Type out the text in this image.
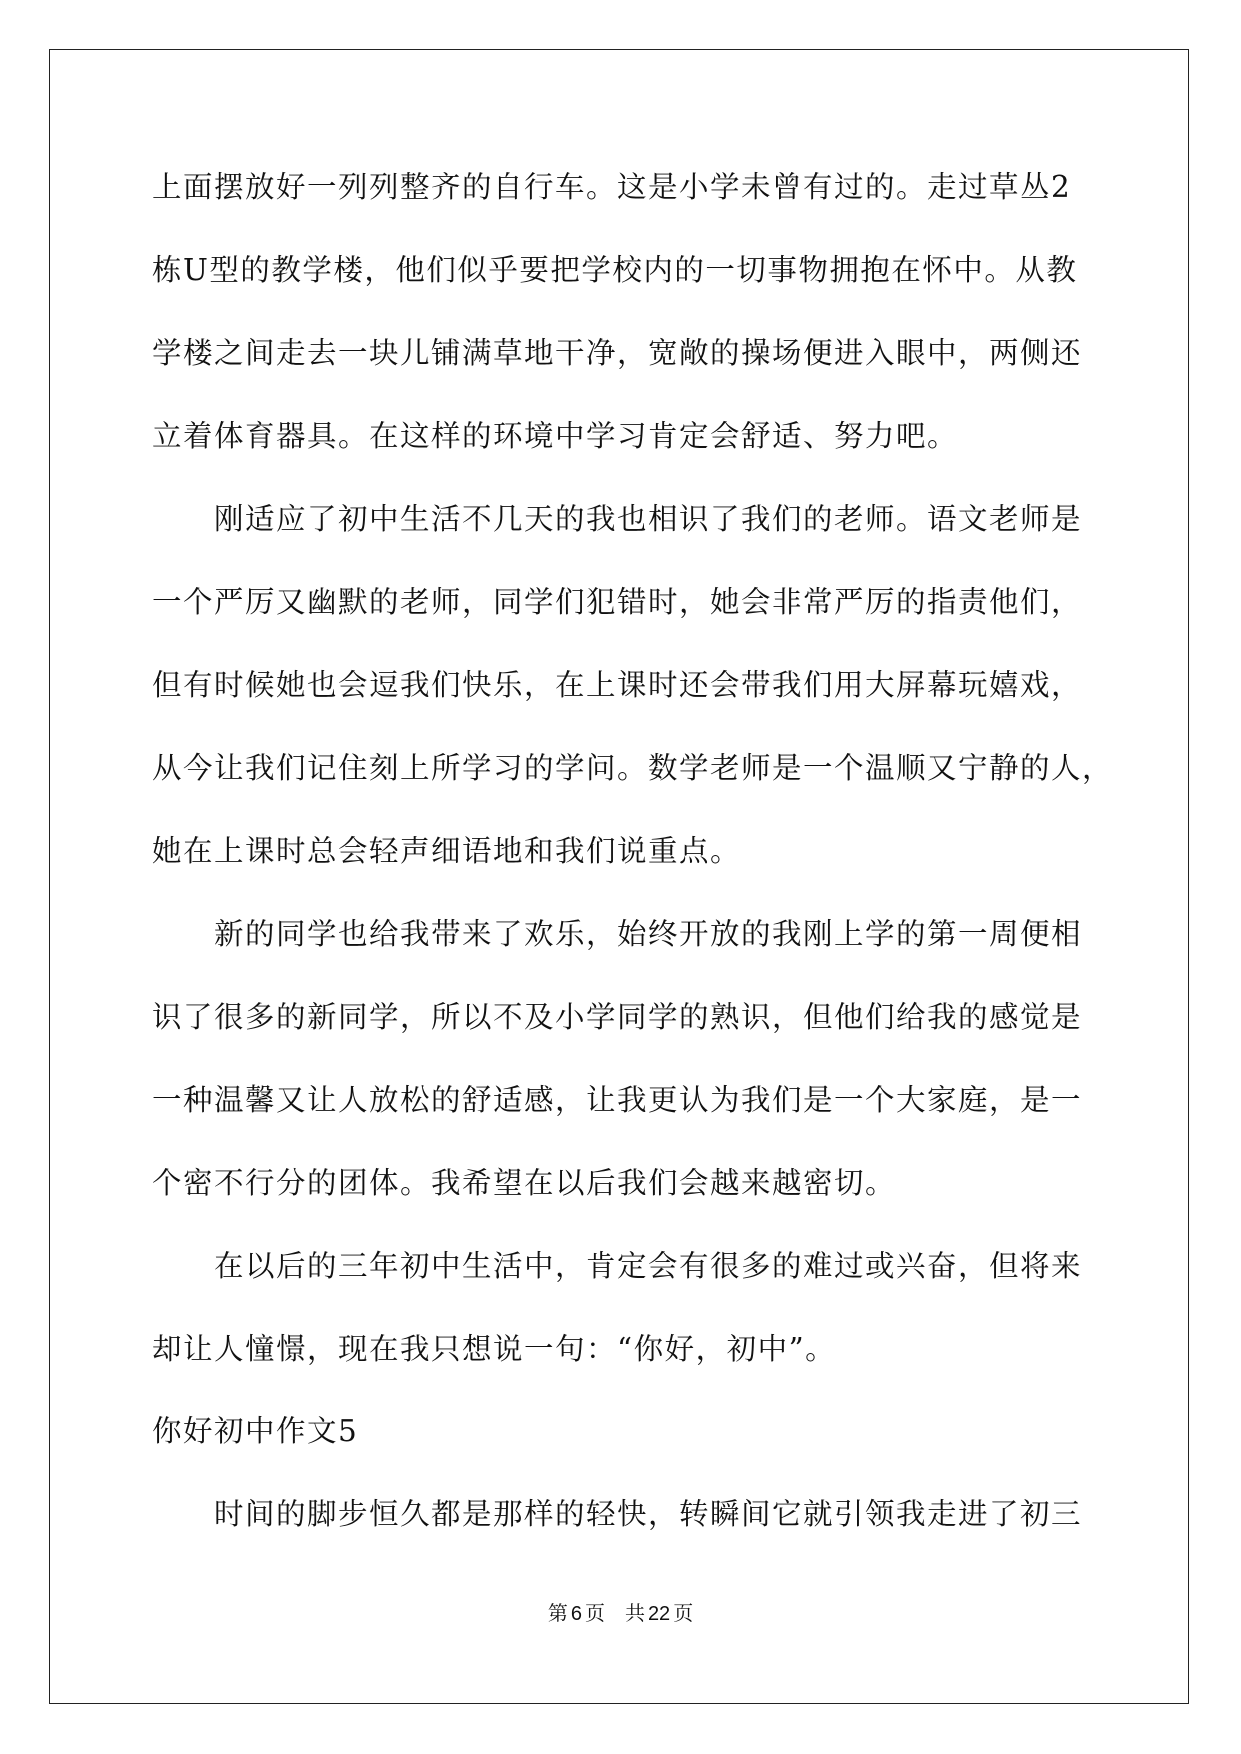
上面摆放好一列列整齐的自行车。这是小学未曾有过的。走过草丛2

栋U型的教学楼，他们似乎要把学校内的一切事物拥抱在怀中。从教

学楼之间走去一块儿铺满草地干净，宽敞的操场便进入眼中，两侧还

立着体育器具。在这样的环境中学习肯定会舒适、努力吧。

　　刚适应了初中生活不几天的我也相识了我们的老师。语文老师是

一个严厉又幽默的老师，同学们犯错时，她会非常严厉的指责他们，

但有时候她也会逗我们快乐，在上课时还会带我们用大屏幕玩嬉戏，

从今让我们记住刻上所学习的学问。数学老师是一个温顺又宁静的人，

她在上课时总会轻声细语地和我们说重点。

　　新的同学也给我带来了欢乐，始终开放的我刚上学的第一周便相

识了很多的新同学，所以不及小学同学的熟识，但他们给我的感觉是

一种温馨又让人放松的舒适感，让我更认为我们是一个大家庭，是一

个密不行分的团体。我希望在以后我们会越来越密切。

　　在以后的三年初中生活中，肯定会有很多的难过或兴奋，但将来

却让人憧憬，现在我只想说一句：“你好，初中”。

你好初中作文5

　　时间的脚步恒久都是那样的轻快，转瞬间它就引领我走进了初三

第 6 页 共 22 页
